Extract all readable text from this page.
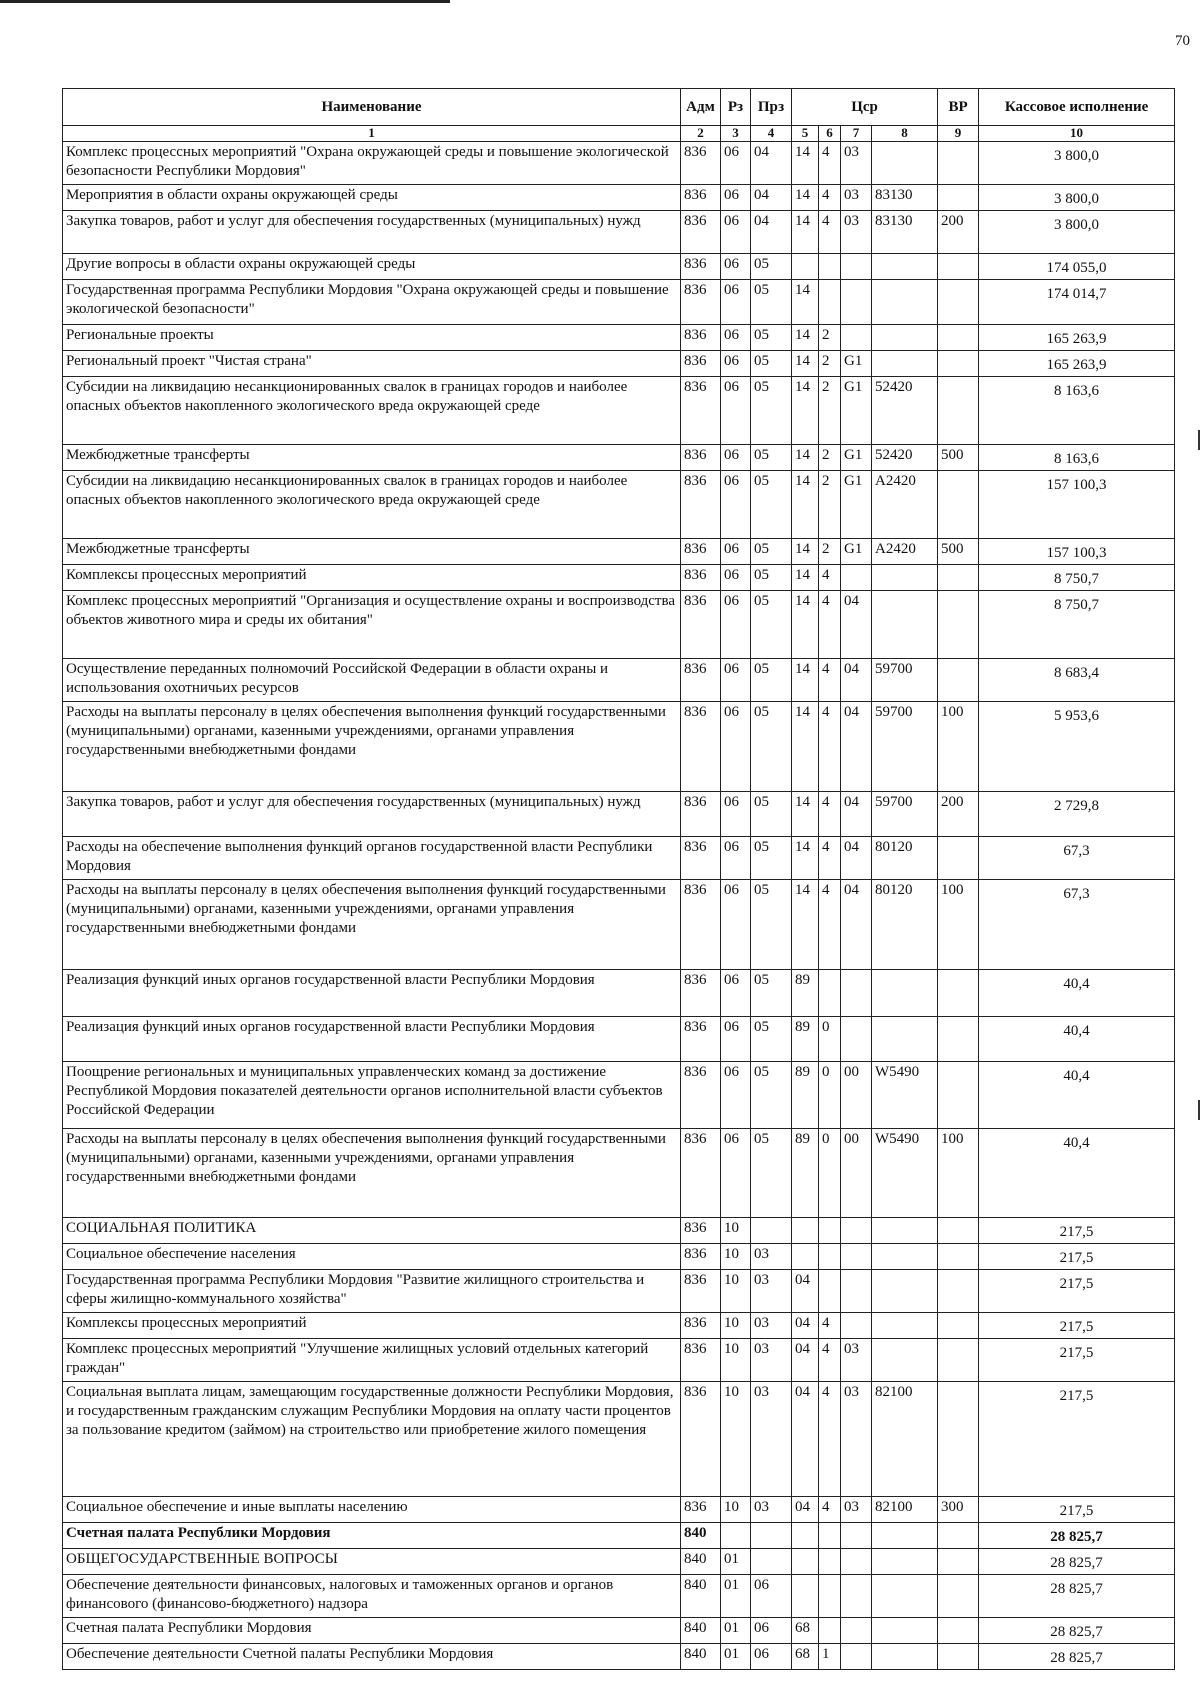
70
Наименование	Адм	Рз	Прз	Цср				ВР	Кассовое исполнение
1	2	3	4	5	6	7	8	9	10
Комплекс процессных мероприятий "Охрана окружающей среды и повышение экологической безопасности Республики Мордовия"	836	06	04	14	4	03			3 800,0
Мероприятия в области охраны окружающей среды	836	06	04	14	4	03	83130		3 800,0
Закупка товаров, работ и услуг для обеспечения государственных (муниципальных) нужд	836	06	04	14	4	03	83130	200	3 800,0
Другие вопросы в области охраны окружающей среды	836	06	05						174 055,0
Государственная программа Республики Мордовия "Охрана окружающей среды и повышение экологической безопасности"	836	06	05	14					174 014,7
Региональные проекты	836	06	05	14	2				165 263,9
Региональный проект "Чистая страна"	836	06	05	14	2	G1			165 263,9
Субсидии на ликвидацию несанкционированных свалок в границах городов и наиболее опасных объектов накопленного экологического вреда окружающей среде	836	06	05	14	2	G1	52420		8 163,6
Межбюджетные трансферты	836	06	05	14	2	G1	52420	500	8 163,6
Субсидии на ликвидацию несанкционированных свалок в границах городов и наиболее опасных объектов накопленного экологического вреда окружающей среде	836	06	05	14	2	G1	А2420		157 100,3
Межбюджетные трансферты	836	06	05	14	2	G1	А2420	500	157 100,3
Комплексы процессных мероприятий	836	06	05	14	4				8 750,7
Комплекс процессных мероприятий "Организация и осуществление охраны и воспроизводства объектов животного мира и среды их обитания"	836	06	05	14	4	04			8 750,7
Осуществление переданных полномочий Российской Федерации в области охраны и использования охотничьих ресурсов	836	06	05	14	4	04	59700		8 683,4
Расходы на выплаты персоналу в целях обеспечения выполнения функций государственными (муниципальными) органами, казенными учреждениями, органами управления государственными внебюджетными фондами	836	06	05	14	4	04	59700	100	5 953,6
Закупка товаров, работ и услуг для обеспечения государственных (муниципальных) нужд	836	06	05	14	4	04	59700	200	2 729,8
Расходы на обеспечение выполнения функций органов государственной власти Республики Мордовия	836	06	05	14	4	04	80120		67,3
Расходы на выплаты персоналу в целях обеспечения выполнения функций государственными (муниципальными) органами, казенными учреждениями, органами управления государственными внебюджетными фондами	836	06	05	14	4	04	80120	100	67,3
Реализация функций иных органов государственной власти Республики Мордовия	836	06	05	89					40,4
Реализация функций иных органов государственной власти Республики Мордовия	836	06	05	89	0				40,4
Поощрение региональных и муниципальных управленческих команд за достижение Республикой Мордовия показателей деятельности органов исполнительной власти субъектов Российской Федерации	836	06	05	89	0	00	W5490		40,4
Расходы на выплаты персоналу в целях обеспечения выполнения функций государственными (муниципальными) органами, казенными учреждениями, органами управления государственными внебюджетными фондами	836	06	05	89	0	00	W5490	100	40,4
СОЦИАЛЬНАЯ ПОЛИТИКА	836	10							217,5
Социальное обеспечение населения	836	10	03						217,5
Государственная программа Республики Мордовия "Развитие жилищного строительства и сферы жилищно-коммунального хозяйства"	836	10	03	04					217,5
Комплексы процессных мероприятий	836	10	03	04	4				217,5
Комплекс процессных мероприятий "Улучшение жилищных условий отдельных категорий граждан"	836	10	03	04	4	03			217,5
Социальная выплата лицам, замещающим государственные должности Республики Мордовия, и государственным гражданским служащим Республики Мордовия на оплату части процентов за пользование кредитом (займом) на строительство или приобретение жилого помещения	836	10	03	04	4	03	82100		217,5
Социальное обеспечение и иные выплаты населению	836	10	03	04	4	03	82100	300	217,5
Счетная палата Республики Мордовия	840								28 825,7
ОБЩЕГОСУДАРСТВЕННЫЕ ВОПРОСЫ	840	01							28 825,7
Обеспечение деятельности финансовых, налоговых и таможенных органов и органов финансового (финансово-бюджетного) надзора	840	01	06						28 825,7
Счетная палата Республики Мордовия	840	01	06	68					28 825,7
Обеспечение деятельности Счетной палаты Республики Мордовия	840	01	06	68	1				28 825,7
